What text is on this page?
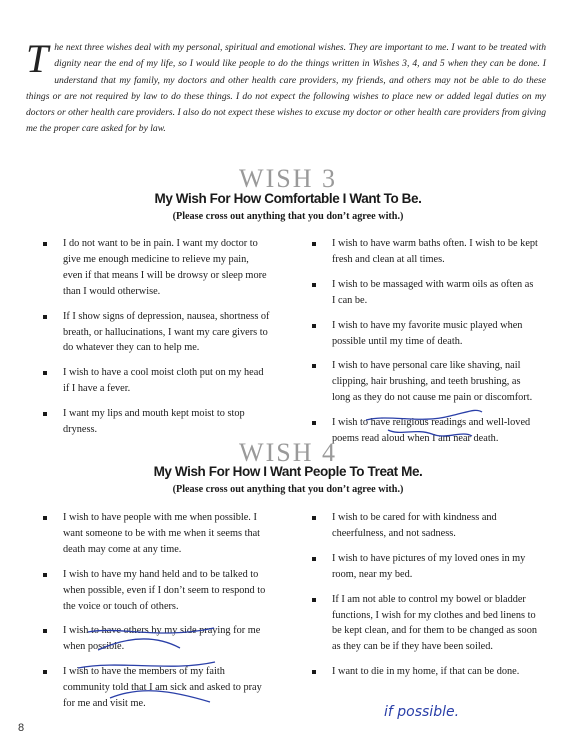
T he next three wishes deal with my personal, spiritual and emotional wishes. They are important to me. I want to be treated with dignity near the end of my life, so I would like people to do the things written in Wishes 3, 4, and 5 when they can be done. I understand that my family, my doctors and other health care providers, my friends, and others may not be able to do these things or are not required by law to do these things. I do not expect the following wishes to place new or added legal duties on my doctors or other health care providers. I also do not expect these wishes to excuse my doctor or other health care providers from giving me the proper care asked for by law.
WISH 3
My Wish For How Comfortable I Want To Be.
(Please cross out anything that you don’t agree with.)
I do not want to be in pain. I want my doctor to give me enough medicine to relieve my pain, even if that means I will be drowsy or sleep more than I would otherwise.
If I show signs of depression, nausea, shortness of breath, or hallucinations, I want my care givers to do whatever they can to help me.
I wish to have a cool moist cloth put on my head if I have a fever.
I want my lips and mouth kept moist to stop dryness.
I wish to have warm baths often. I wish to be kept fresh and clean at all times.
I wish to be massaged with warm oils as often as I can be.
I wish to have my favorite music played when possible until my time of death.
I wish to have personal care like shaving, nail clipping, hair brushing, and teeth brushing, as long as they do not cause me pain or discomfort.
I wish to have religious readings and well-loved poems read aloud when I am near death.
WISH 4
My Wish For How I Want People To Treat Me.
(Please cross out anything that you don’t agree with.)
I wish to have people with me when possible. I want someone to be with me when it seems that death may come at any time.
I wish to have my hand held and to be talked to when possible, even if I don’t seem to respond to the voice or touch of others.
I wish to have others by my side praying for me when possible.
I wish to have the members of my faith community told that I am sick and asked to pray for me and visit me.
I wish to be cared for with kindness and cheerfulness, and not sadness.
I wish to have pictures of my loved ones in my room, near my bed.
If I am not able to control my bowel or bladder functions, I wish for my clothes and bed linens to be kept clean, and for them to be changed as soon as they can be if they have been soiled.
I want to die in my home, if that can be done.
if possible.
8
